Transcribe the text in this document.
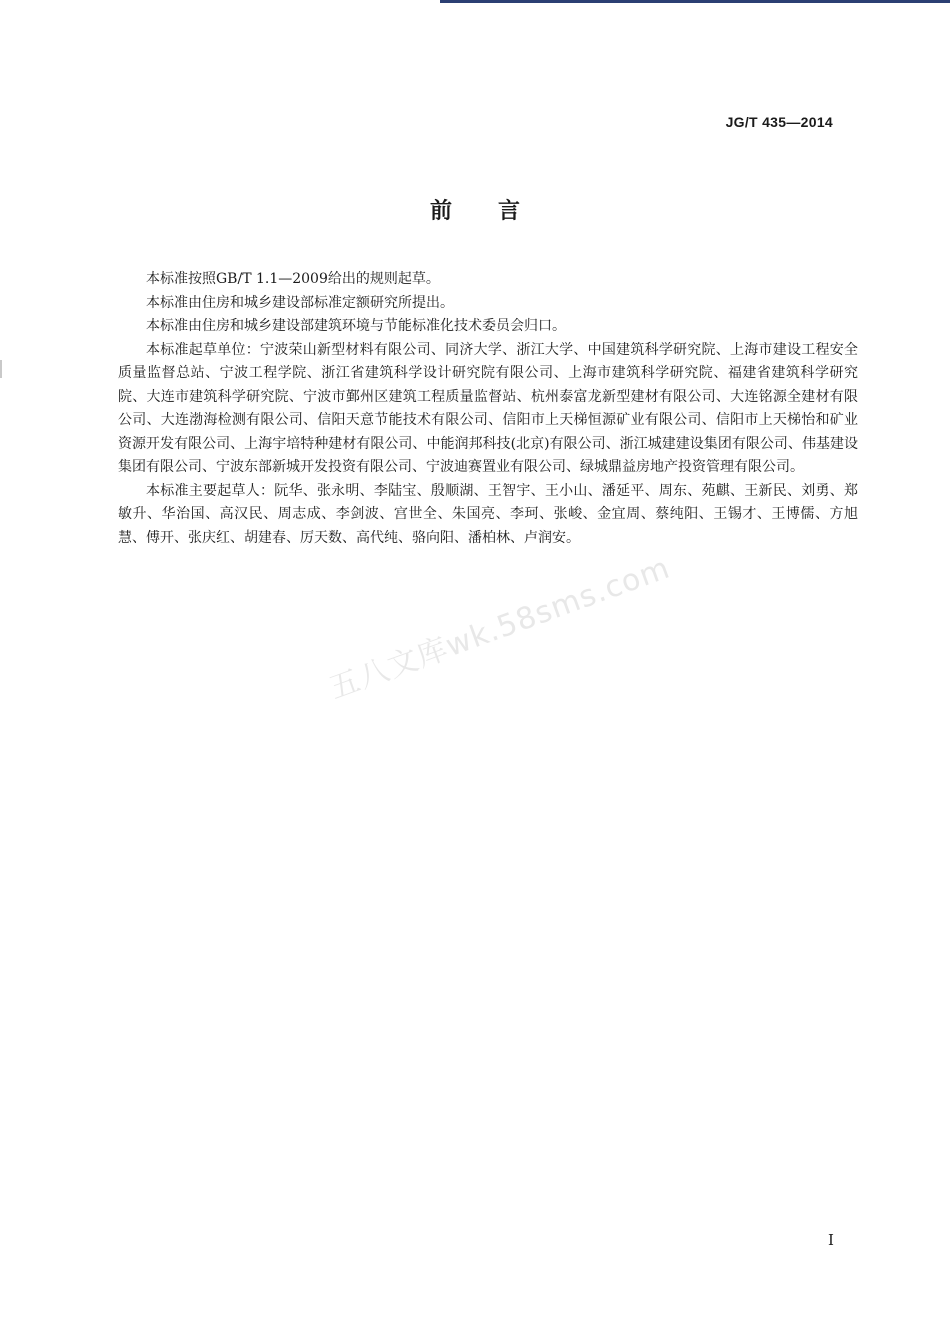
JG/T 435—2014
前言

本标准按照GB/T 1.1—2009给出的规则起草。

本标准由住房和城乡建设部标准定额研究所提出。

本标准由住房和城乡建设部建筑环境与节能标准化技术委员会归口。

本标准起草单位：宁波荣山新型材料有限公司、同济大学、浙江大学、中国建筑科学研究院、上海市建设工程安全质量监督总站、宁波工程学院、浙江省建筑科学设计研究院有限公司、上海市建筑科学研究院、福建省建筑科学研究院、大连市建筑科学研究院、宁波市鄞州区建筑工程质量监督站、杭州泰富龙新型建材有限公司、大连铭源全建材有限公司、大连渤海检测有限公司、信阳天意节能技术有限公司、信阳市上天梯恒源矿业有限公司、信阳市上天梯怡和矿业资源开发有限公司、上海宇培特种建材有限公司、中能润邦科技(北京)有限公司、浙江城建建设集团有限公司、伟基建设集团有限公司、宁波东部新城开发投资有限公司、宁波迪赛置业有限公司、绿城鼎益房地产投资管理有限公司。

本标准主要起草人：阮华、张永明、李陆宝、殷顺湖、王智宇、王小山、潘延平、周东、苑麒、王新民、刘勇、郑敏升、华治国、高汉民、周志成、李剑波、宫世全、朱国亮、李珂、张峻、金宜周、蔡纯阳、王锡才、王博儒、方旭慧、傅开、张庆红、胡建春、厉天数、高代纯、骆向阳、潘柏林、卢润安。

五八文库wk.58sms.com
I
